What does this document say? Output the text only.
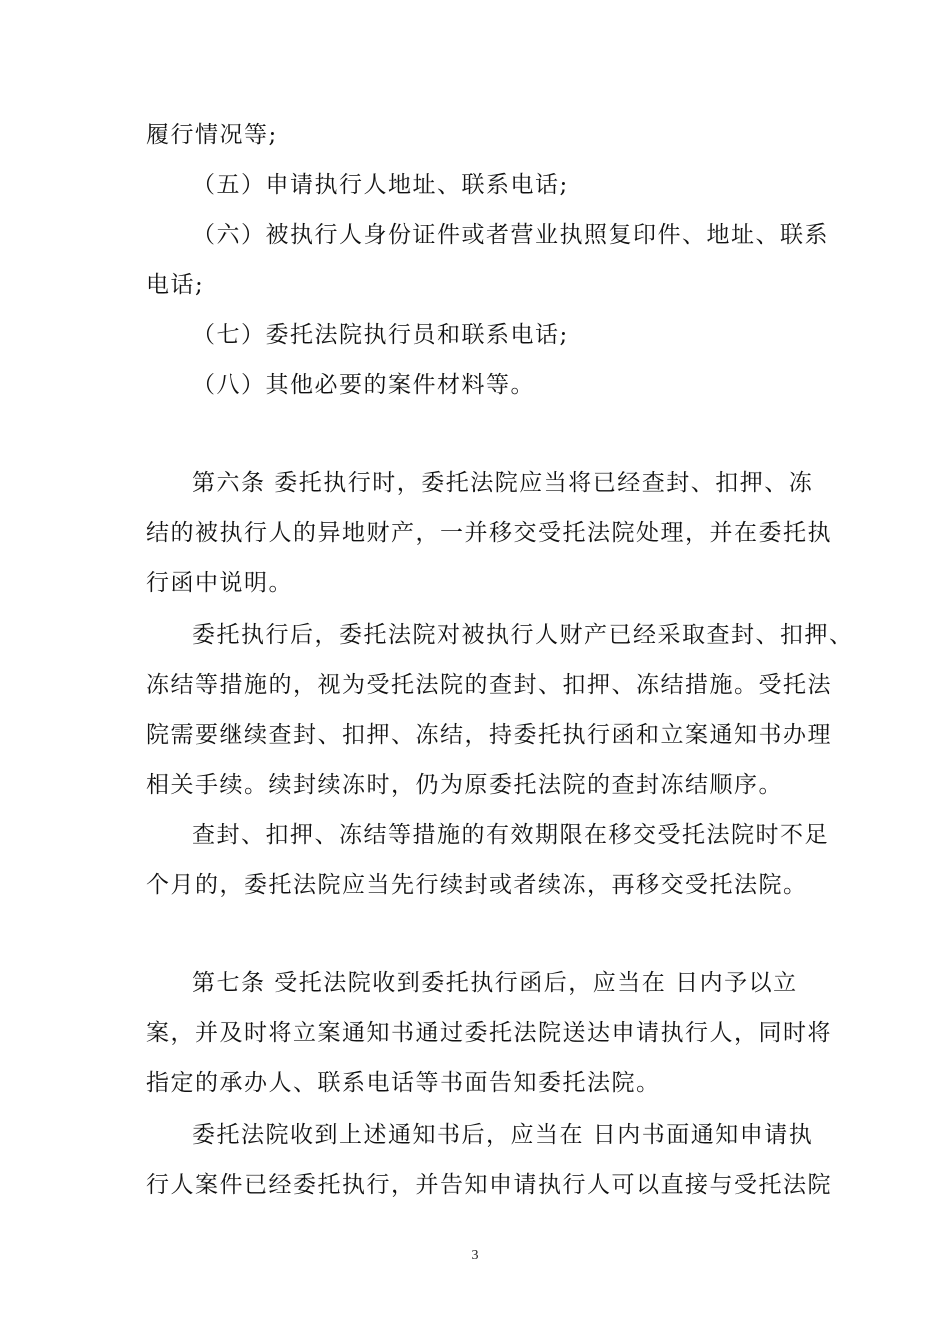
履行情况等;
（五）申请执行人地址、联系电话;
（六）被执行人身份证件或者营业执照复印件、地址、联系
电话;
（七）委托法院执行员和联系电话;
（八）其他必要的案件材料等。
第六条 委托执行时，委托法院应当将已经查封、扣押、冻
结的被执行人的异地财产，一并移交受托法院处理，并在委托执
行函中说明。
委托执行后，委托法院对被执行人财产已经采取查封、扣押、
冻结等措施的，视为受托法院的查封、扣押、冻结措施。受托法
院需要继续查封、扣押、冻结，持委托执行函和立案通知书办理
相关手续。续封续冻时，仍为原委托法院的查封冻结顺序。
查封、扣押、冻结等措施的有效期限在移交受托法院时不足
个月的，委托法院应当先行续封或者续冻，再移交受托法院。
第七条 受托法院收到委托执行函后，应当在 日内予以立
案，并及时将立案通知书通过委托法院送达申请执行人，同时将
指定的承办人、联系电话等书面告知委托法院。
委托法院收到上述通知书后，应当在 日内书面通知申请执
行人案件已经委托执行，并告知申请执行人可以直接与受托法院
3
